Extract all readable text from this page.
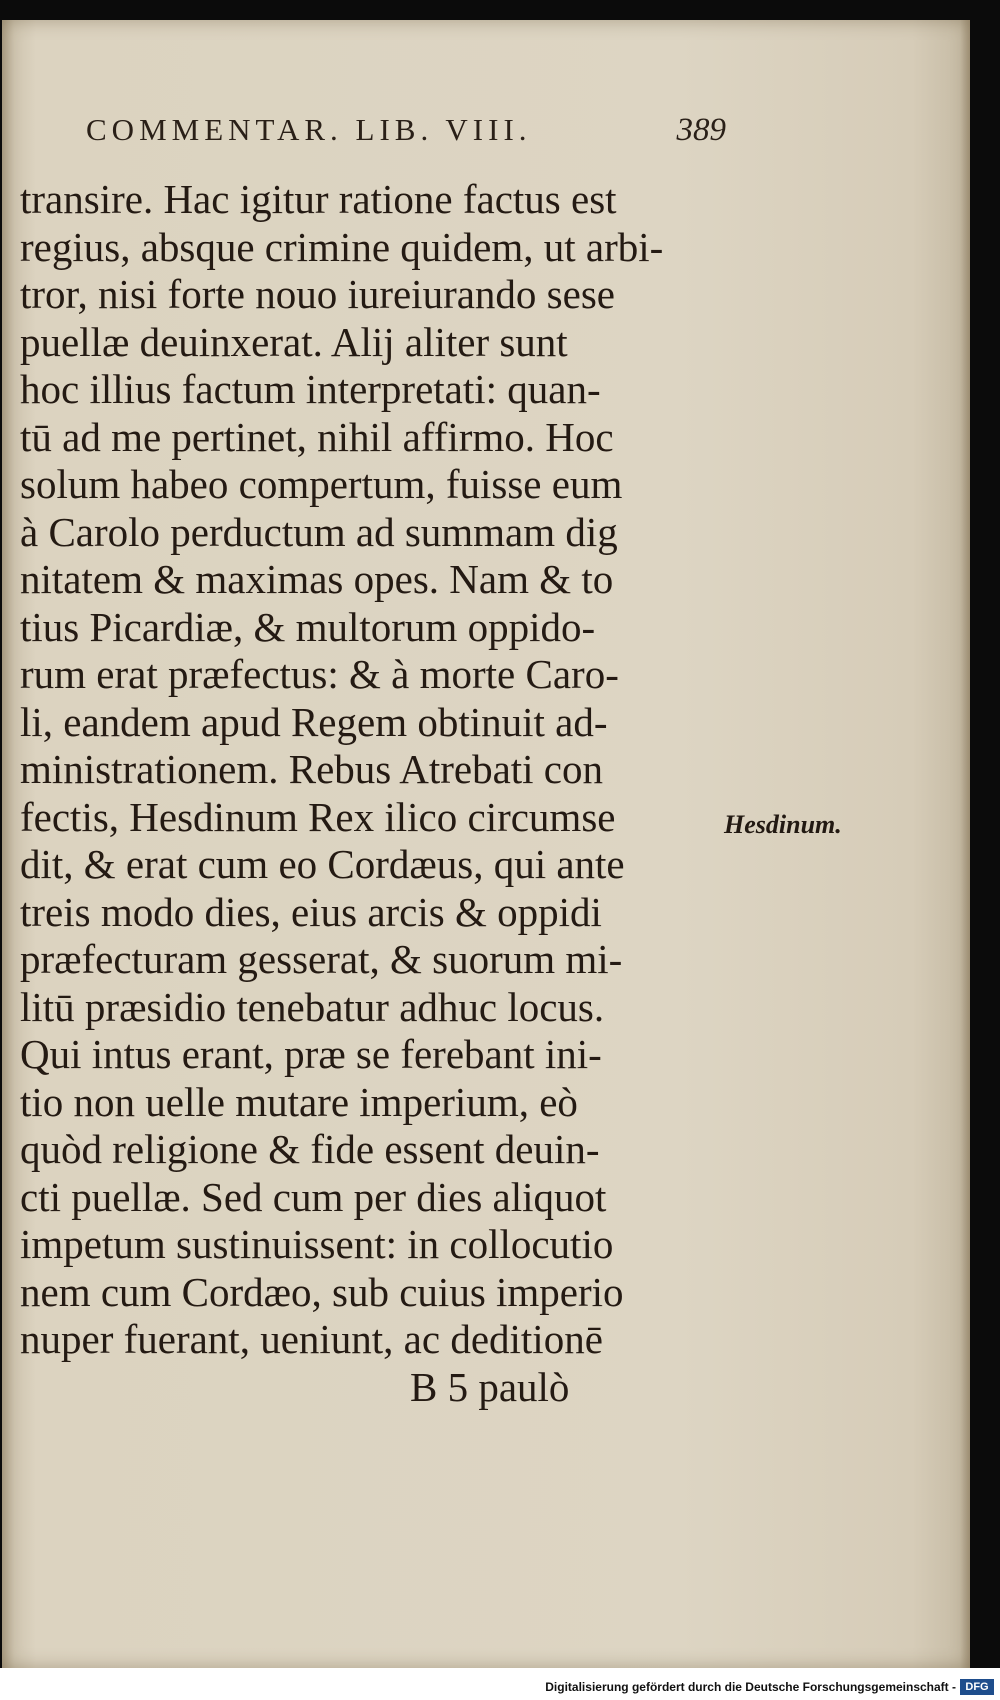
COMMENTAR. LIB. VIII.	389
transire. Hac igitur ratione factus est
regius, absque crimine quidem, ut arbi-
tror, nisi forte nouo iureiurando sese
puellæ deuinxerat. Alij aliter sunt
hoc illius factum interpretati: quan-
tū ad me pertinet, nihil affirmo. Hoc
solum habeo compertum, fuisse eum
à Carolo perductum ad summam dig
nitatem & maximas opes. Nam & to
tius Picardiæ, & multorum oppido-
rum erat præfectus: & à morte Caro-
li, eandem apud Regem obtinuit ad-
ministrationem. Rebus Atrebati con
fectis, Hesdinum Rex ilico circumse
dit, & erat cum eo Cordæus, qui ante
treis modo dies, eius arcis & oppidi
præfecturam gesserat, & suorum mi-
litū præsidio tenebatur adhuc locus.
Qui intus erant, præ se ferebant ini-
tio non uelle mutare imperium, eò
quòd religione & fide essent deuin-
cti puellæ. Sed cum per dies aliquot
impetum sustinuissent: in collocutio
nem cum Cordæo, sub cuius imperio
nuper fuerant, ueniunt, ac deditionē
B 5 paulò
Hesdinum.
Digitalisierung gefördert durch die Deutsche Forschungsgemeinschaft - DFG
